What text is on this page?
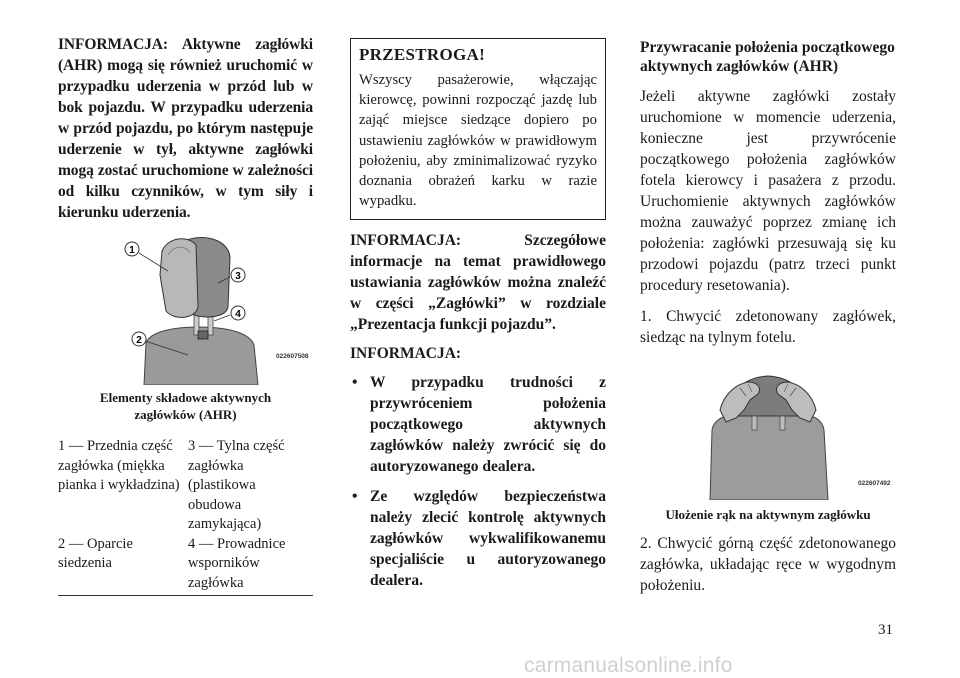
INFORMACJA: Aktywne zagłówki (AHR) mogą się również uruchomić w przypadku uderzenia w przód lub w bok pojazdu. W przypadku uderzenia w przód pojazdu, po którym następuje uderzenie w tył, aktywne zagłówki mogą zostać uruchomione w zależności od kilku czynników, w tym siły i kierunku uderzenia.

1
2
3
4
022607508
Elementy składowe aktywnych zagłówków (AHR)
1 — Przednia część zagłówka (miękka pianka i wykładzina)
3 — Tylna część zagłówka (plastikowa obudowa zamykająca)
2 — Oparcie siedzenia
4 — Prowadnice wsporników zagłówka
PRZESTROGA!

Wszyscy pasażerowie, włączając kierowcę, powinni rozpocząć jazdę lub zająć miejsce siedzące dopiero po ustawieniu zagłówków w prawidłowym położeniu, aby zminimalizować ryzyko doznania obrażeń karku w razie wypadku.

INFORMACJA: Szczegółowe informacje na temat prawidłowego ustawiania zagłówków można znaleźć w części „Zagłówki” w rozdziale „Prezentacja funkcji pojazdu”.

INFORMACJA:

• W przypadku trudności z przywróceniem położenia początkowego aktywnych zagłówków należy zwrócić się do autoryzowanego dealera.
• Ze względów bezpieczeństwa należy zlecić kontrolę aktywnych zagłówków wykwalifikowanemu specjaliście u autoryzowanego dealera.

Przywracanie położenia początkowego aktywnych zagłówków (AHR)

Jeżeli aktywne zagłówki zostały uruchomione w momencie uderzenia, konieczne jest przywrócenie początkowego położenia zagłówków fotela kierowcy i pasażera z przodu. Uruchomienie aktywnych zagłówków można zauważyć poprzez zmianę ich położenia: zagłówki przesuwają się ku przodowi pojazdu (patrz trzeci punkt procedury resetowania).

1. Chwycić zdetonowany zagłówek, siedząc na tylnym fotelu.

022607492
Ułożenie rąk na aktywnym zagłówku

2. Chwycić górną część zdetonowanego zagłówka, układając ręce w wygodnym położeniu.

31
carmanualsonline.info
